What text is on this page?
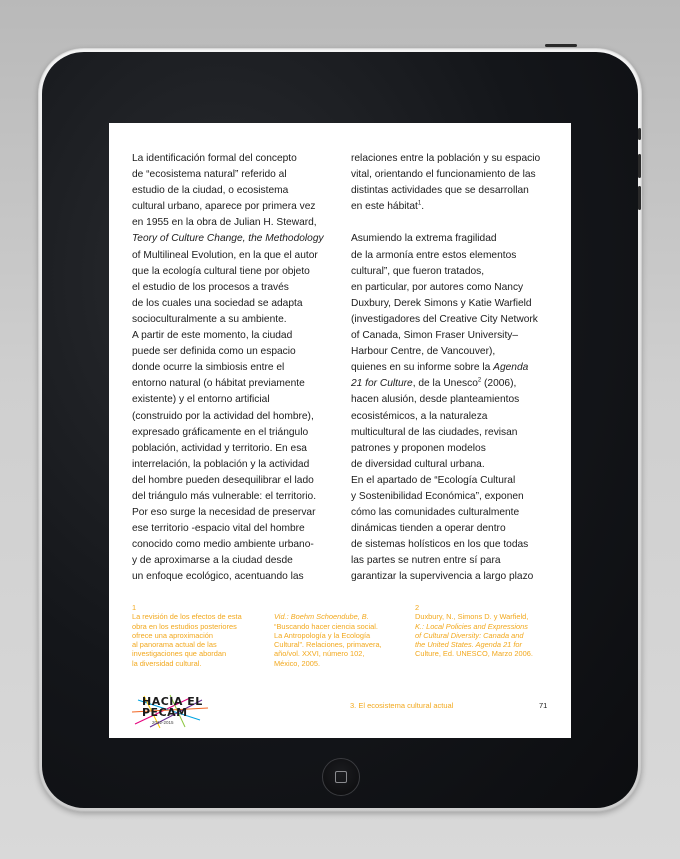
La identificación formal del concepto
de “ecosistema natural” referido al
estudio de la ciudad, o ecosistema
cultural urbano, aparece por primera vez
en 1955 en la obra de Julian H. Steward,
Teory of Culture Change, the Methodology
of Multilineal Evolution, en la que el autor
que la ecología cultural tiene por objeto
el estudio de los procesos a través
de los cuales una sociedad se adapta
socioculturalmente a su ambiente.
A partir de este momento, la ciudad
puede ser definida como un espacio
donde ocurre la simbiosis entre el
entorno natural (o hábitat previamente
existente) y el entorno artificial
(construido por la actividad del hombre),
expresado gráficamente en el triángulo
población, actividad y territorio. En esa
interrelación, la población y la actividad
del hombre pueden desequilibrar el lado
del triángulo más vulnerable: el territorio.
Por eso surge la necesidad de preservar
ese territorio -espacio vital del hombre
conocido como medio ambiente urbano-
y de aproximarse a la ciudad desde
un enfoque ecológico, acentuando las
relaciones entre la población y su espacio
vital, orientando el funcionamiento de las
distintas actividades que se desarrollan
en este hábitat$^1$.
Asumiendo la extrema fragilidad
de la armonía entre estos elementos
cultural”, que fueron tratados,
en particular, por autores como Nancy
Duxbury, Derek Simons y Katie Warfield
(investigadores del Creative City Network
of Canada, Simon Fraser University–
Harbour Centre, de Vancouver),
quienes en su informe sobre la Agenda
21 for Culture, de la Unesco$^2$ (2006),
hacen alusión, desde planteamientos
ecosistémicos, a la naturaleza
multicultural de las ciudades, revisan
patrones y proponen modelos
de diversidad cultural urbana.
En el apartado de “Ecología Cultural
y Sostenibilidad Económica”, exponen
cómo las comunidades culturalmente
dinámicas tienden a operar dentro
de sistemas holísticos en los que todas
las partes se nutren entre sí para
garantizar la supervivencia a largo plazo
1
La revisión de los efectos de esta
obra en los estudios posteriores
ofrece una aproximación
al panorama actual de las
investigaciones que abordan
la diversidad cultural.
Vid.: Boehm Schoendube, B.
“Buscando hacer ciencia social.
La Antropología y la Ecología
Cultural”. Relaciones, primavera,
año/vol. XXVI, número 102,
México, 2005.
2
Duxbury, N., Simons D. y Warfield,
K.: Local Policies and Expressions
of Cultural Diversity: Canada and
the United States. Agenda 21 for
Culture, Ed. UNESCO, Marzo 2006.
HACIA EL
PECAM
2012-2015
3. El ecosistema cultural actual	71
